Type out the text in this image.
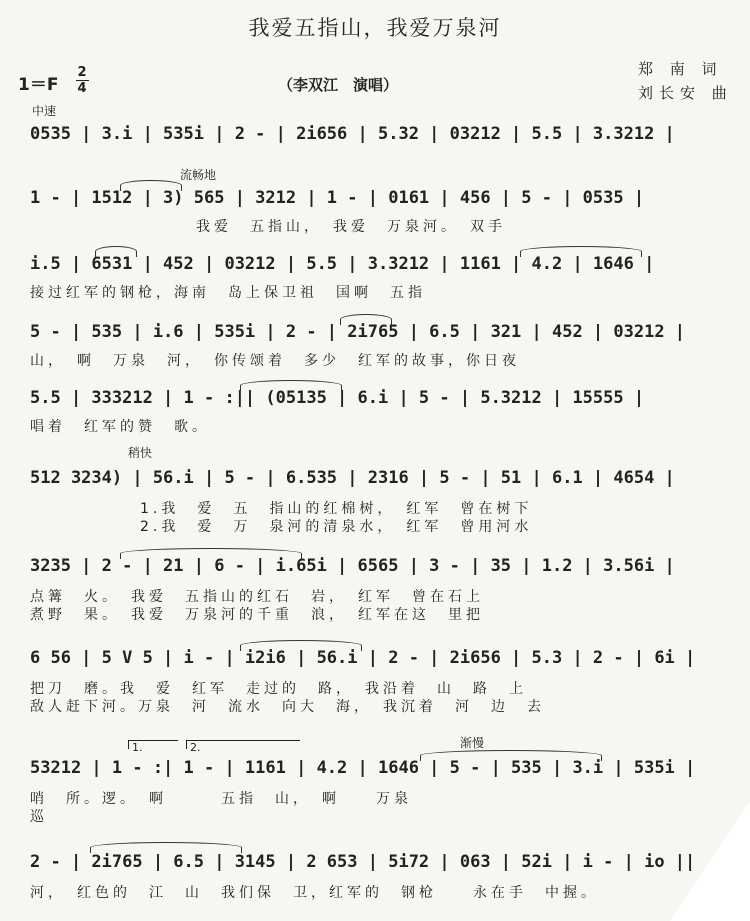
我爱五指山，我爱万泉河
郑 南 词
刘长安 曲
1＝F
2
4	（李双江　演唱）
中速
流畅地
稍快
渐慢
0535 | 3.i | 535i | 2 - | 2i656 | 5.32 | 03212 | 5.5 | 3.3212 |
1 - | 1512 | 3) 565 | 3212 | 1 - | 0161 | 456 | 5 - | 0535 |
我爱　五指山，　我爱　万泉河。　双手
i.5 | 6531 | 452 | 03212 | 5.5 | 3.3212 | 1161 | 4.2 | 1646 |
接过红军的钢枪，海南　岛上保卫祖　国啊　五指
5 - | 535 | i.6 | 535i | 2 - | 2i765 | 6.5 | 321 | 452 | 03212 |
山，　啊　万泉　河，　你传颂着　多少　红军的故事，你日夜
5.5 | 333212 | 1 - :|| (05135 | 6.i | 5 - | 5.3212 | 15555 |
唱着　红军的赞　歌。
512 3234) | 56.i | 5 - | 6.535 | 2316 | 5 - | 51 | 6.1 | 4654 |
1.我　爱　五　指山的红棉树，　红军　曾在树下
2.我　爱　万　泉河的清泉水，　红军　曾用河水
3235 | 2 - | 21 | 6 - | i.65i | 6565 | 3 - | 35 | 1.2 | 3.56i |
点篝　火。　我爱　五指山的红石　岩，　红军　曾在石上
煮野　果。　我爱　万泉河的千重　浪，　红军在这　里把
6 56 | 5 V 5 | i - | i2i6 | 56.i | 2 - | 2i656 | 5.3 | 2 - | 6i |
把刀　磨。我　爱　红军　走过的　路，　我沿着　山　路　上
敌人赶下河。万泉　河　流水　向大　海，　我沉着　河　边　去
1.	2.
53212 | 1 - :| 1 - | 1161 | 4.2 | 1646 | 5 - | 535 | 3.i | 535i |
哨　所。逻。　啊　　　五指　山，　啊　　万泉
巡
2 - | 2i765 | 6.5 | 3145 | 2 653 | 5i72 | 063 | 52i | i - | io ||
河，　红色的　江　山　我们保　卫，红军的　钢枪　　永在手　中握。
